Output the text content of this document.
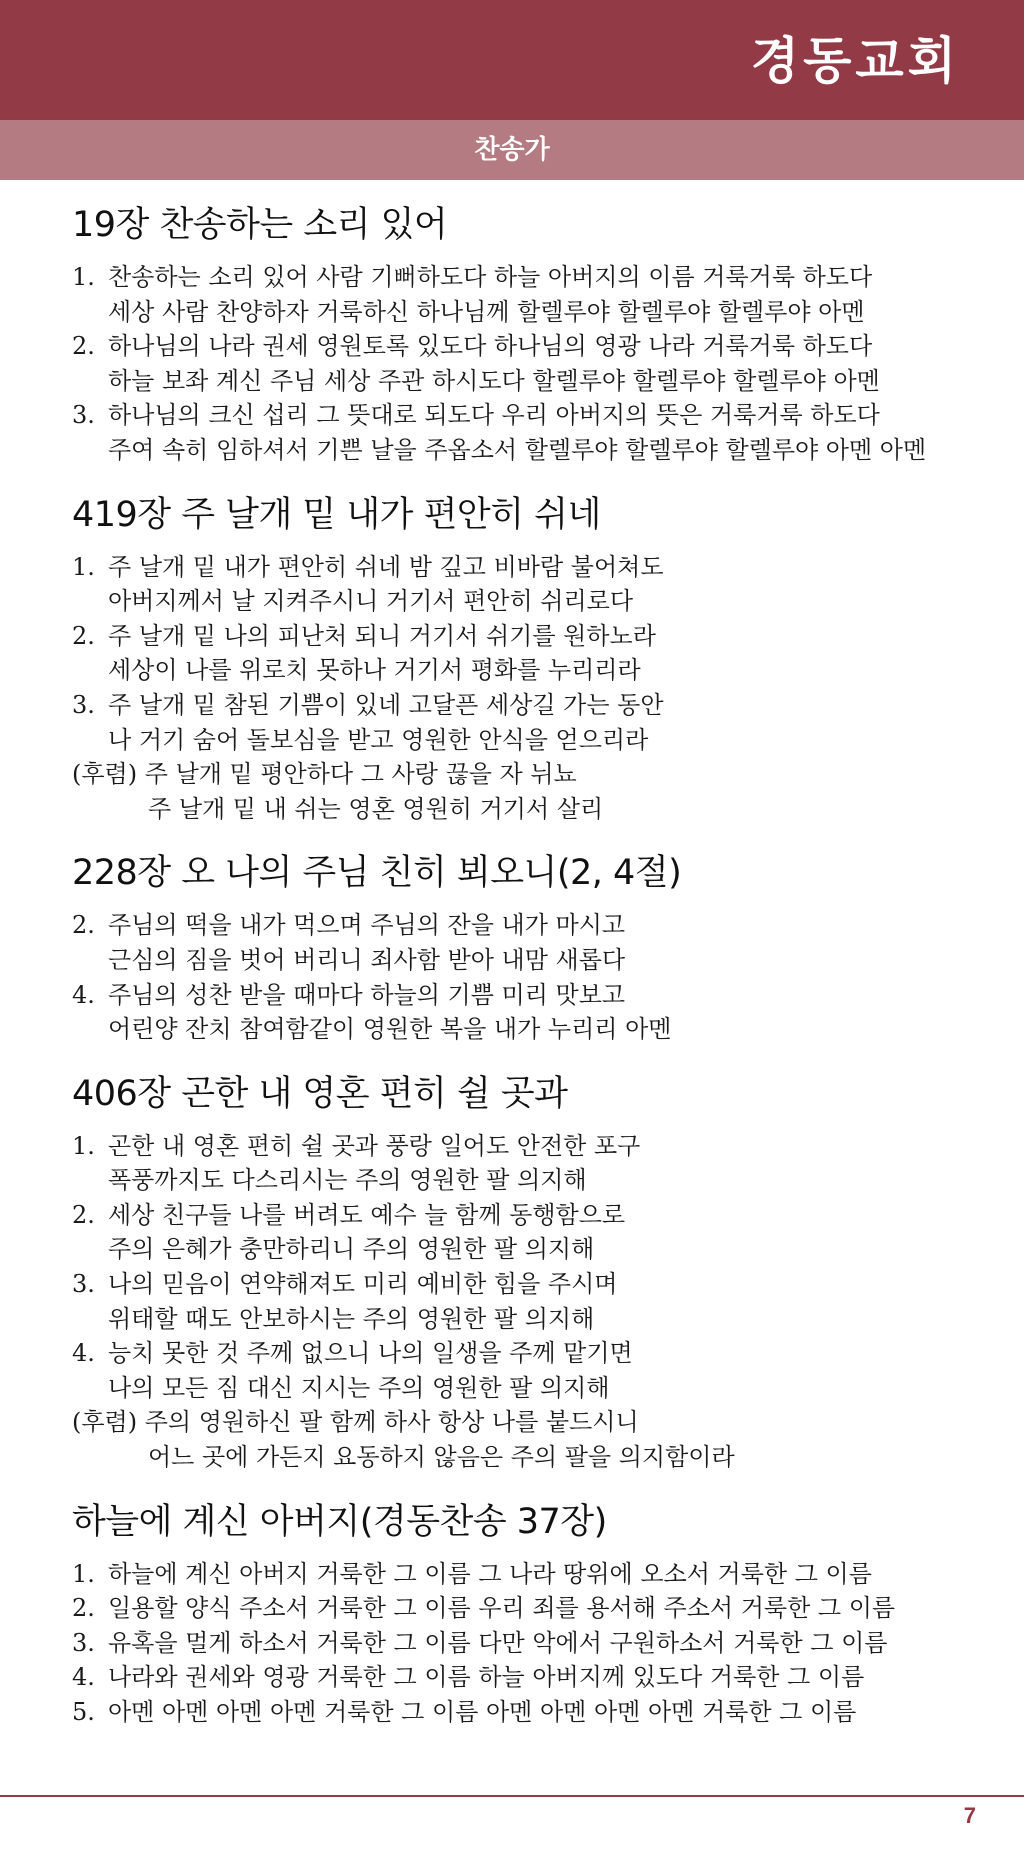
경동교회
찬송가
19장 찬송하는 소리 있어
1. 찬송하는 소리 있어 사람 기뻐하도다 하늘 아버지의 이름 거룩거룩 하도다
세상 사람 찬양하자 거룩하신 하나님께 할렐루야 할렐루야 할렐루야 아멘
2. 하나님의 나라 권세 영원토록 있도다 하나님의 영광 나라 거룩거룩 하도다
하늘 보좌 계신 주님 세상 주관 하시도다 할렐루야 할렐루야 할렐루야 아멘
3. 하나님의 크신 섭리 그 뜻대로 되도다 우리 아버지의 뜻은 거룩거룩 하도다
주여 속히 임하셔서 기쁜 날을 주옵소서 할렐루야 할렐루야 할렐루야 아멘 아멘
419장 주 날개 밑 내가 편안히 쉬네
1. 주 날개 밑 내가 편안히 쉬네 밤 깊고 비바람 불어쳐도
아버지께서 날 지켜주시니 거기서 편안히 쉬리로다
2. 주 날개 밑 나의 피난처 되니 거기서 쉬기를 원하노라
세상이 나를 위로치 못하나 거기서 평화를 누리리라
3. 주 날개 밑 참된 기쁨이 있네 고달픈 세상길 가는 동안
나 거기 숨어 돌보심을 받고 영원한 안식을 얻으리라
(후렴)
주 날개 밑 평안하다 그 사랑 끊을 자 뉘뇨
주 날개 밑 내 쉬는 영혼 영원히 거기서 살리
228장 오 나의 주님 친히 뵈오니(2, 4절)
2. 주님의 떡을 내가 먹으며 주님의 잔을 내가 마시고
근심의 짐을 벗어 버리니 죄사함 받아 내맘 새롭다
4. 주님의 성찬 받을 때마다 하늘의 기쁨 미리 맛보고
어린양 잔치 참여함같이 영원한 복을 내가 누리리 아멘
406장 곤한 내 영혼 편히 쉴 곳과
1. 곤한 내 영혼 편히 쉴 곳과 풍랑 일어도 안전한 포구
폭풍까지도 다스리시는 주의 영원한 팔 의지해
2. 세상 친구들 나를 버려도 예수 늘 함께 동행함으로
주의 은혜가 충만하리니 주의 영원한 팔 의지해
3. 나의 믿음이 연약해져도 미리 예비한 힘을 주시며
위태할 때도 안보하시는 주의 영원한 팔 의지해
4. 능치 못한 것 주께 없으니 나의 일생을 주께 맡기면
나의 모든 짐 대신 지시는 주의 영원한 팔 의지해
(후렴)
주의 영원하신 팔 함께 하사 항상 나를 붙드시니
어느 곳에 가든지 요동하지 않음은 주의 팔을 의지함이라
하늘에 계신 아버지(경동찬송 37장)
1. 하늘에 계신 아버지 거룩한 그 이름 그 나라 땅위에 오소서 거룩한 그 이름
2. 일용할 양식 주소서 거룩한 그 이름 우리 죄를 용서해 주소서 거룩한 그 이름
3. 유혹을 멀게 하소서 거룩한 그 이름 다만 악에서 구원하소서 거룩한 그 이름
4. 나라와 권세와 영광 거룩한 그 이름 하늘 아버지께 있도다 거룩한 그 이름
5. 아멘 아멘 아멘 아멘 거룩한 그 이름 아멘 아멘 아멘 아멘 거룩한 그 이름
7
